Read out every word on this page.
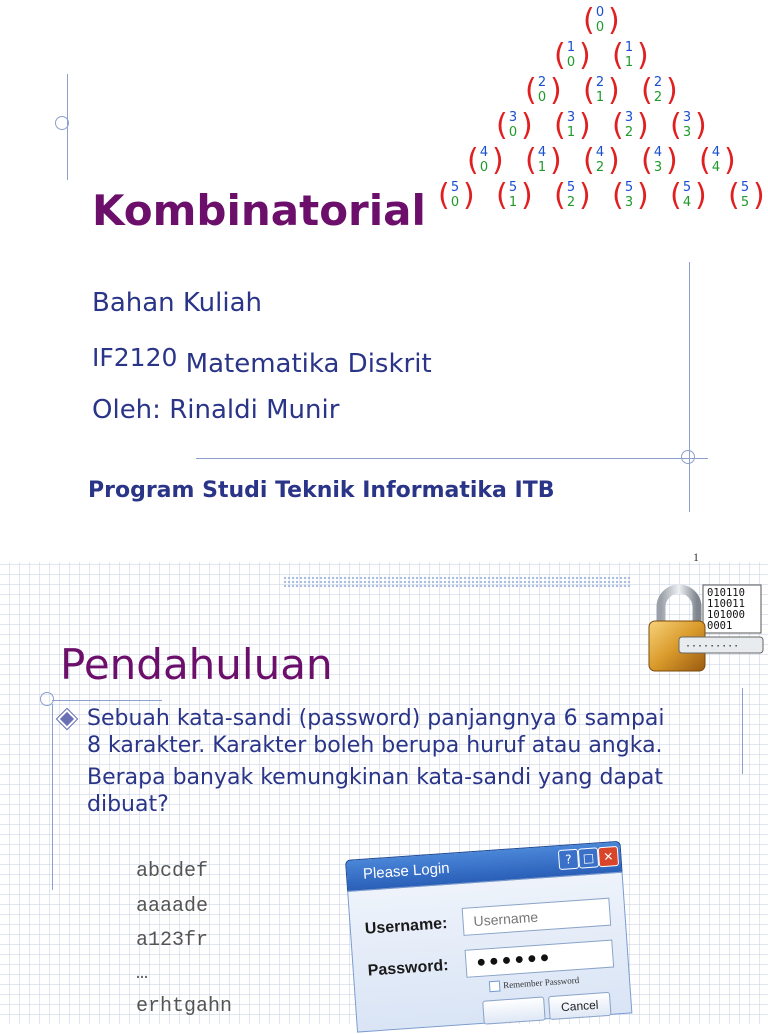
( 0
0 )
( 1
0 ) ( 1
1 )
( 2
0 ) ( 2
1 ) ( 2
2 )
( 3
0 ) ( 3
1 ) ( 3
2 ) ( 3
3 )
( 4
0 ) ( 4
1 ) ( 4
2 ) ( 4
3 ) ( 4
4 )
( 5
0 ) ( 5
1 ) ( 5
2 ) ( 5
3 ) ( 5
4 ) ( 5
5 )
Kombinatorial
Bahan Kuliah
IF2120 Matematika Diskrit
Oleh: Rinaldi Munir
Program Studi Teknik Informatika ITB
1
010110 110011 101000 0001
·········
Pendahuluan
Sebuah kata-sandi (password) panjangnya 6 sampai
8 karakter. Karakter boleh berupa huruf atau angka.
Berapa banyak kemungkinan kata-sandi yang dapat
dibuat?
abcdef
aaaade
a123fr
…
erhtgahn
Please Login
? □ ✕
Username:	Username
Password:	●●●●●●
Remember Password
Cancel
